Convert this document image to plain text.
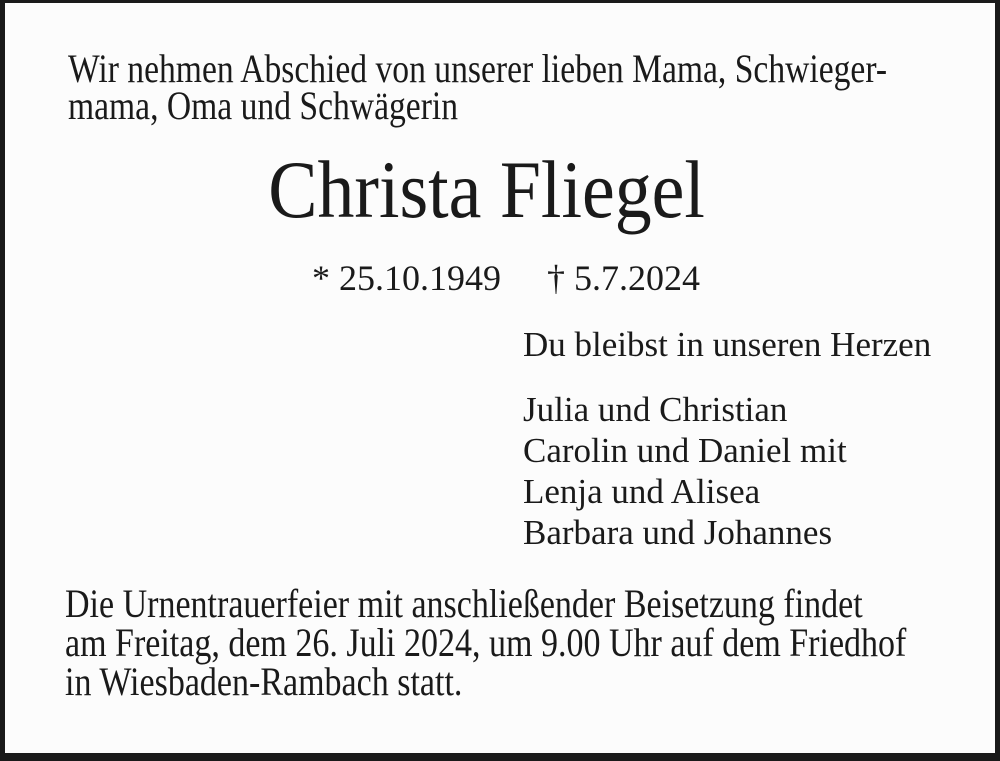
Wir nehmen Abschied von unserer lieben Mama, Schwieger-
mama, Oma und Schwägerin
Christa Fliegel
* 25.10.1949 † 5.7.2024
Du bleibst in unseren Herzen
Julia und Christian
Carolin und Daniel mit
Lenja und Alisea
Barbara und Johannes
Die Urnentrauerfeier mit anschließender Beisetzung findet
am Freitag, dem 26. Juli 2024, um 9.00 Uhr auf dem Friedhof
in Wiesbaden-Rambach statt.
